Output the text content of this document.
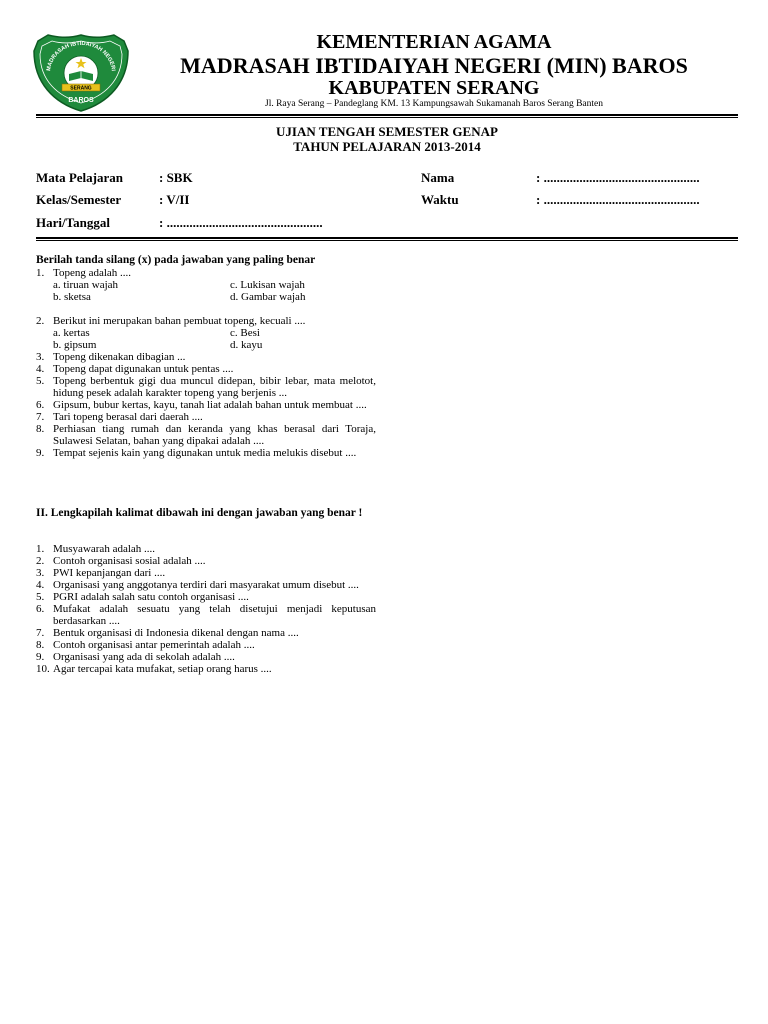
MADRASAH IBTIDAIYAH NEGERI
SERANG
BAROS
KEMENTERIAN AGAMA
MADRASAH IBTIDAIYAH NEGERI (MIN) BAROS
KABUPATEN SERANG
Jl. Raya Serang – Pandeglang KM. 13 Kampungsawah Sukamanah Baros Serang Banten
UJIAN TENGAH SEMESTER GENAP
TAHUN PELAJARAN 2013-2014
Mata Pelajaran	: SBK	Nama	: ................................................
Kelas/Semester	: V/II	Waktu	: ................................................
Hari/Tanggal	: ................................................
Berilah tanda silang (x) pada jawaban yang paling benar
1. Topeng adalah ....
a. tiruan wajah	c. Lukisan wajah
b. sketsa	d. Gambar wajah
2. Berikut ini merupakan bahan pembuat topeng, kecuali ....
a. kertas	c. Besi
b. gipsum	d. kayu
3. Topeng dikenakan dibagian ...
4. Topeng dapat digunakan untuk pentas ....
5. Topeng berbentuk gigi dua muncul didepan, bibir lebar, mata melotot, hidung pesek adalah karakter topeng yang berjenis ...
6. Gipsum, bubur kertas, kayu, tanah liat adalah bahan untuk membuat ....
7. Tari topeng berasal dari daerah ....
8. Perhiasan tiang rumah dan keranda yang khas berasal dari Toraja, Sulawesi Selatan, bahan yang dipakai adalah ....
9. Tempat sejenis kain yang digunakan untuk media melukis disebut ....
II. Lengkapilah kalimat dibawah ini dengan jawaban yang benar !
1. Musyawarah adalah ....
2. Contoh organisasi sosial adalah ....
3. PWI kepanjangan dari ....
4. Organisasi yang anggotanya terdiri dari masyarakat umum disebut ....
5. PGRI adalah salah satu contoh organisasi ....
6. Mufakat adalah sesuatu yang telah disetujui menjadi keputusan berdasarkan ....
7. Bentuk organisasi di Indonesia dikenal dengan nama ....
8. Contoh organisasi antar pemerintah adalah ....
9. Organisasi yang ada di sekolah adalah ....
10. Agar tercapai kata mufakat, setiap orang harus ....
